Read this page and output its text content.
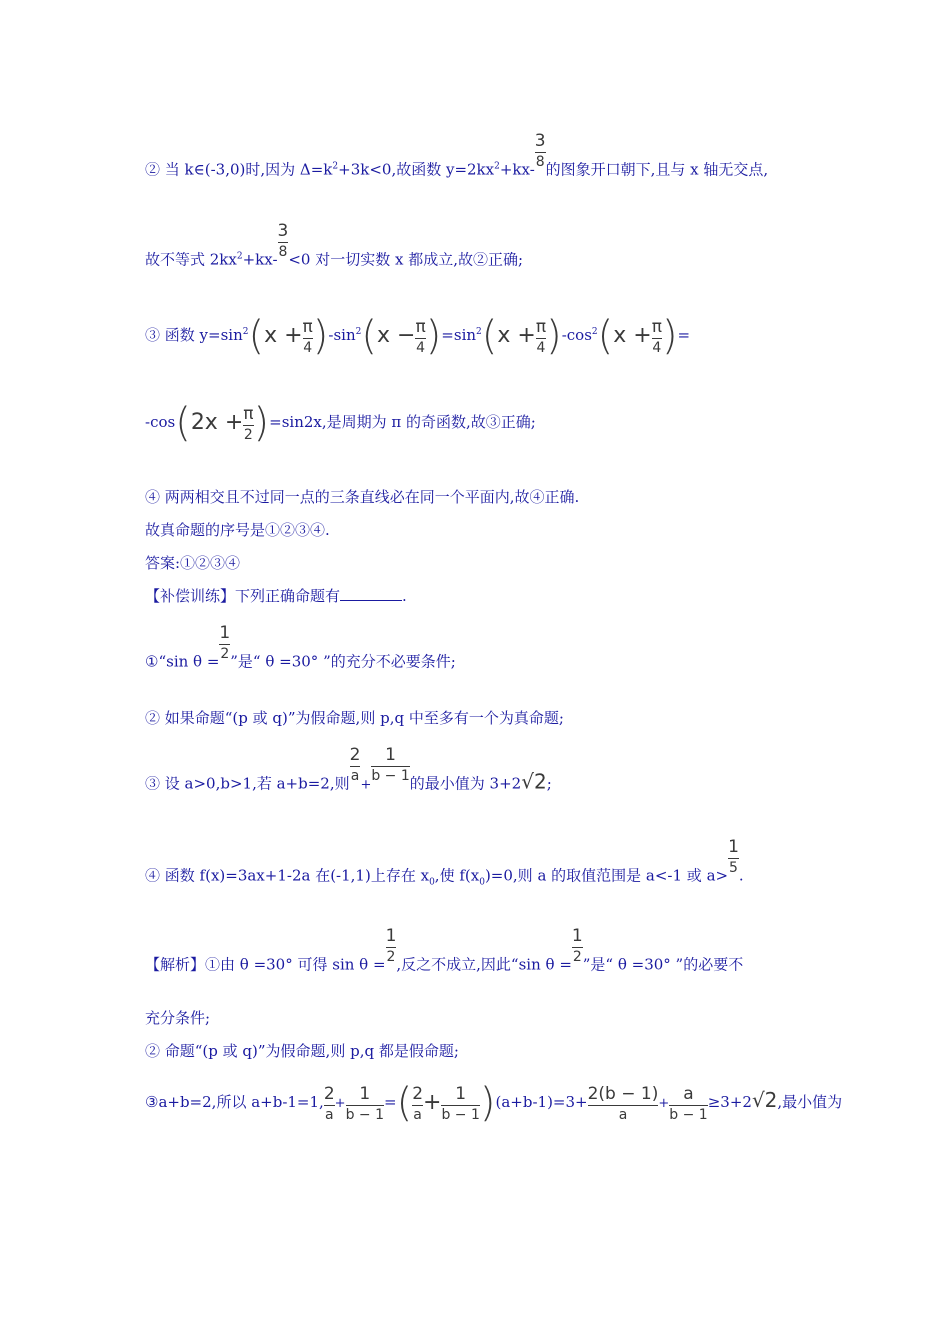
② 当 k∈(-3,0)时,因为 $\Delta=k^2+3k<0$,故函数 $y=2kx^2+kx- \frac{3}{8}$ 的图象开口朝下,且与 x 轴无交点,
故不等式 $2kx^2+kx- \frac{3}{8} <0$ 对一切实数 x 都成立,故②正确;
③ 函数 $y=\sin^2(x + \frac{\pi}{4} )-\sin^2(x - \frac{\pi}{4} )=\sin^2(x + \frac{\pi}{4} )-\cos^2(x + \frac{\pi}{4}$ )=
$-\cos(2x + \frac{\pi}{2} )=\sin 2x$,是周期为 π 的奇函数,故③正确;
④ 两两相交且不过同一点的三条直线必在同一个平面内,故④正确.
故真命题的序号是①②③④.
答案:①②③④
【补偿训练】下列正确命题有	.
①“sin $\theta = \frac{1}{2}$ ”是“ θ =30° ”的充分不必要条件;
② 如果命题“(p 或 q)”为假命题,则 p,q 中至多有一个为真命题;
③ 设 a>0,b>1,若 a+b=2,则 $\frac{2}{a} + \frac{1}{b - 1}$ 的最小值为 3+2√2;
④ 函数 f(x)=3ax+1-2a 在(-1,1)上存在 $x_0$,使 $f(x_0)=0$,则 a 的取值范围是 a<-1 或 $a> \frac{1}{5}$ .
【解析】①由 θ =30° 可得 $\sin \theta = \frac{1}{2}$ ,反之不成立,因此“sin $\theta = \frac{1}{2}$ ”是“ θ =30° ”的必要不
充分条件;
② 命题“(p 或 q)”为假命题,则 p,q 都是假命题;
③a+b=2,所以 a+b-1=1, $\frac{2}{a} + \frac{1}{b - 1}$ =( $\frac{2}{a} + \frac{1}{b - 1} )(a+b-1)=3+ \frac{2(b - 1)}{a} + \frac{a}{b - 1} \ge 3+2√2$,最小值为
